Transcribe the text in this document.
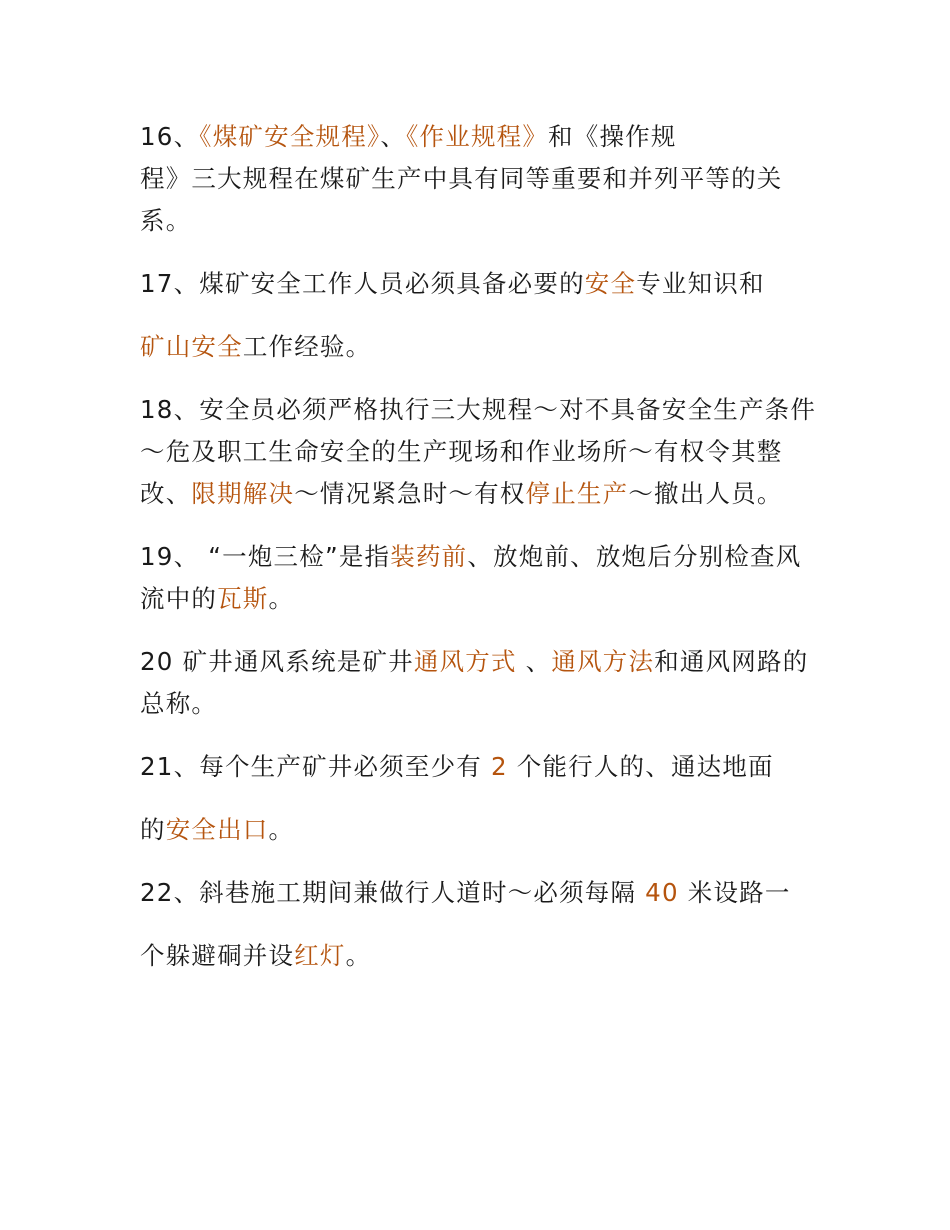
16、《煤矿安全规程》、《作业规程》和《操作规
程》三大规程在煤矿生产中具有同等重要和并列平等的关系。

17、煤矿安全工作人员必须具备必要的安全专业知识和

矿山安全工作经验。

18、安全员必须严格执行三大规程～对不具备安全生产条件～危及职工生命安全的生产现场和作业场所～有权令其整改、限期解决～情况紧急时～有权停止生产～撤出人员。

19、 “一炮三检”是指装药前、放炮前、放炮后分别检查风流中的瓦斯。

20 矿井通风系统是矿井通风方式 、通风方法和通风网路的总称。

21、每个生产矿井必须至少有 2 个能行人的、通达地面

的安全出口。

22、斜巷施工期间兼做行人道时～必须每隔 40 米设路一

个躲避硐并设红灯。
